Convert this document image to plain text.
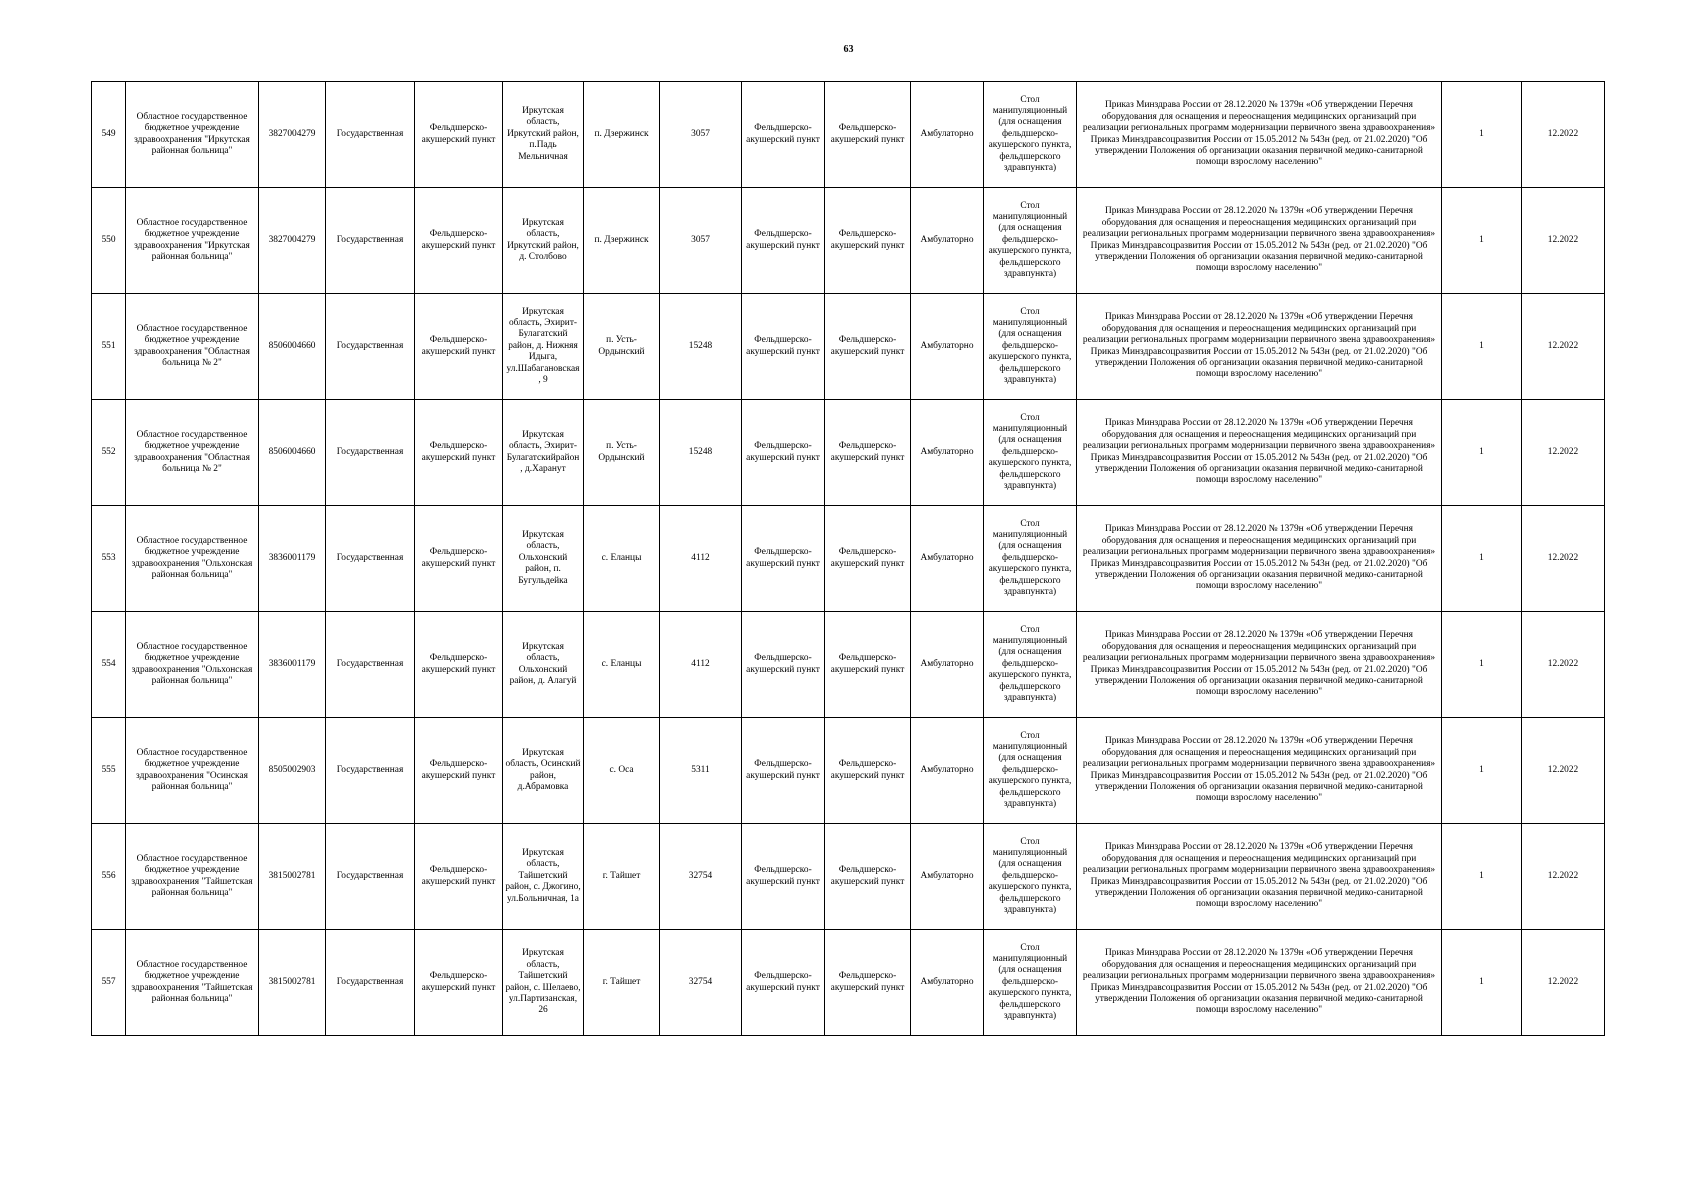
63
549	Областное государственное бюджетное учреждение здравоохранения "Иркутская районная больница"	3827004279	Государственная	Фельдшерско-акушерский пункт	Иркутская область, Иркутский район, п.Падь Мельничная	п. Дзержинск	3057	Фельдшерско-акушерский пункт	Фельдшерско-акушерский пункт	Амбулаторно	Стол манипуляционный (для оснащения фельдшерско-акушерского пункта, фельдшерского здравпункта)	Приказ Минздрава России от 28.12.2020 № 1379н «Об утверждении Перечня оборудования для оснащения и переоснащения медицинских организаций при реализации региональных программ модернизации первичного звена здравоохранения»
Приказ Минздравсоцразвития России от 15.05.2012 № 543н (ред. от 21.02.2020) "Об утверждении Положения об организации оказания первичной медико-санитарной помощи взрослому населению"	1	12.2022
550	Областное государственное бюджетное учреждение здравоохранения "Иркутская районная больница"	3827004279	Государственная	Фельдшерско-акушерский пункт	Иркутская область, Иркутский район, д. Столбово	п. Дзержинск	3057	Фельдшерско-акушерский пункт	Фельдшерско-акушерский пункт	Амбулаторно	Стол манипуляционный (для оснащения фельдшерско-акушерского пункта, фельдшерского здравпункта)	Приказ Минздрава России от 28.12.2020 № 1379н «Об утверждении Перечня оборудования для оснащения и переоснащения медицинских организаций при реализации региональных программ модернизации первичного звена здравоохранения»
Приказ Минздравсоцразвития России от 15.05.2012 № 543н (ред. от 21.02.2020) "Об утверждении Положения об организации оказания первичной медико-санитарной помощи взрослому населению"	1	12.2022
551	Областное государственное бюджетное учреждение здравоохранения "Областная больница № 2"	8506004660	Государственная	Фельдшерско-акушерский пункт	Иркутская область, Эхирит-Булагатский район, д. Нижняя Идыга, ул.Шабагановская , 9	п. Усть-Ордынский	15248	Фельдшерско-акушерский пункт	Фельдшерско-акушерский пункт	Амбулаторно	Стол манипуляционный (для оснащения фельдшерско-акушерского пункта, фельдшерского здравпункта)	Приказ Минздрава России от 28.12.2020 № 1379н «Об утверждении Перечня оборудования для оснащения и переоснащения медицинских организаций при реализации региональных программ модернизации первичного звена здравоохранения»
Приказ Минздравсоцразвития России от 15.05.2012 № 543н (ред. от 21.02.2020) "Об утверждении Положения об организации оказания первичной медико-санитарной помощи взрослому населению"	1	12.2022
552	Областное государственное бюджетное учреждение здравоохранения "Областная больница № 2"	8506004660	Государственная	Фельдшерско-акушерский пункт	Иркутская область, Эхирит-Булагатскийрайон , д.Харанут	п. Усть-Ордынский	15248	Фельдшерско-акушерский пункт	Фельдшерско-акушерский пункт	Амбулаторно	Стол манипуляционный (для оснащения фельдшерско-акушерского пункта, фельдшерского здравпункта)	Приказ Минздрава России от 28.12.2020 № 1379н «Об утверждении Перечня оборудования для оснащения и переоснащения медицинских организаций при реализации региональных программ модернизации первичного звена здравоохранения»
Приказ Минздравсоцразвития России от 15.05.2012 № 543н (ред. от 21.02.2020) "Об утверждении Положения об организации оказания первичной медико-санитарной помощи взрослому населению"	1	12.2022
553	Областное государственное бюджетное учреждение здравоохранения "Ольхонская районная больница"	3836001179	Государственная	Фельдшерско-акушерский пункт	Иркутская область, Ольхонский район, п. Бугульдейка	с. Еланцы	4112	Фельдшерско-акушерский пункт	Фельдшерско-акушерский пункт	Амбулаторно	Стол манипуляционный (для оснащения фельдшерско-акушерского пункта, фельдшерского здравпункта)	Приказ Минздрава России от 28.12.2020 № 1379н «Об утверждении Перечня оборудования для оснащения и переоснащения медицинских организаций при реализации региональных программ модернизации первичного звена здравоохранения»
Приказ Минздравсоцразвития России от 15.05.2012 № 543н (ред. от 21.02.2020) "Об утверждении Положения об организации оказания первичной медико-санитарной помощи взрослому населению"	1	12.2022
554	Областное государственное бюджетное учреждение здравоохранения "Ольхонская районная больница"	3836001179	Государственная	Фельдшерско-акушерский пункт	Иркутская область, Ольхонский район, д. Алагуй	с. Еланцы	4112	Фельдшерско-акушерский пункт	Фельдшерско-акушерский пункт	Амбулаторно	Стол манипуляционный (для оснащения фельдшерско-акушерского пункта, фельдшерского здравпункта)	Приказ Минздрава России от 28.12.2020 № 1379н «Об утверждении Перечня оборудования для оснащения и переоснащения медицинских организаций при реализации региональных программ модернизации первичного звена здравоохранения»
Приказ Минздравсоцразвития России от 15.05.2012 № 543н (ред. от 21.02.2020) "Об утверждении Положения об организации оказания первичной медико-санитарной помощи взрослому населению"	1	12.2022
555	Областное государственное бюджетное учреждение здравоохранения "Осинская районная больница"	8505002903	Государственная	Фельдшерско-акушерский пункт	Иркутская область, Осинский район, д.Абрамовка	с. Оса	5311	Фельдшерско-акушерский пункт	Фельдшерско-акушерский пункт	Амбулаторно	Стол манипуляционный (для оснащения фельдшерско-акушерского пункта, фельдшерского здравпункта)	Приказ Минздрава России от 28.12.2020 № 1379н «Об утверждении Перечня оборудования для оснащения и переоснащения медицинских организаций при реализации региональных программ модернизации первичного звена здравоохранения»
Приказ Минздравсоцразвития России от 15.05.2012 № 543н (ред. от 21.02.2020) "Об утверждении Положения об организации оказания первичной медико-санитарной помощи взрослому населению"	1	12.2022
556	Областное государственное бюджетное учреждение здравоохранения "Тайшетская районная больница"	3815002781	Государственная	Фельдшерско-акушерский пункт	Иркутская область, Тайшетский район, с. Джогино, ул.Больничная, 1а	г. Тайшет	32754	Фельдшерско-акушерский пункт	Фельдшерско-акушерский пункт	Амбулаторно	Стол манипуляционный (для оснащения фельдшерско-акушерского пункта, фельдшерского здравпункта)	Приказ Минздрава России от 28.12.2020 № 1379н «Об утверждении Перечня оборудования для оснащения и переоснащения медицинских организаций при реализации региональных программ модернизации первичного звена здравоохранения»
Приказ Минздравсоцразвития России от 15.05.2012 № 543н (ред. от 21.02.2020) "Об утверждении Положения об организации оказания первичной медико-санитарной помощи взрослому населению"	1	12.2022
557	Областное государственное бюджетное учреждение здравоохранения "Тайшетская районная больница"	3815002781	Государственная	Фельдшерско-акушерский пункт	Иркутская область, Тайшетский район, с. Шелаево, ул.Партизанская, 26	г. Тайшет	32754	Фельдшерско-акушерский пункт	Фельдшерско-акушерский пункт	Амбулаторно	Стол манипуляционный (для оснащения фельдшерско-акушерского пункта, фельдшерского здравпункта)	Приказ Минздрава России от 28.12.2020 № 1379н «Об утверждении Перечня оборудования для оснащения и переоснащения медицинских организаций при реализации региональных программ модернизации первичного звена здравоохранения»
Приказ Минздравсоцразвития России от 15.05.2012 № 543н (ред. от 21.02.2020) "Об утверждении Положения об организации оказания первичной медико-санитарной помощи взрослому населению"	1	12.2022
